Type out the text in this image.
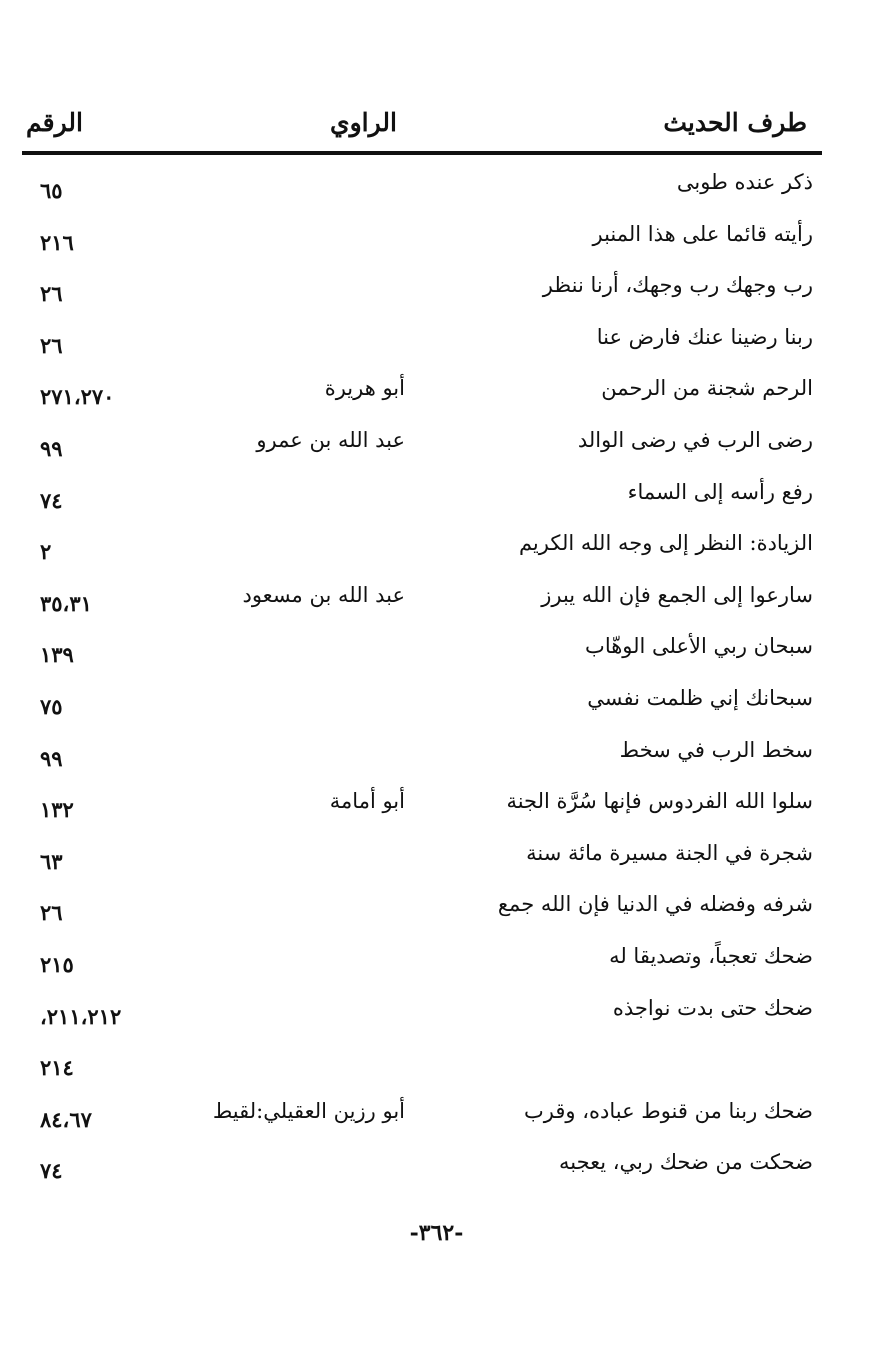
طرف الحديث
الراوي
الرقم
ذكر عنده طوبى
٦٥
رأيته قائما على هذا المنبر
٢١٦
رب وجهك رب وجهك، أرنا ننظر
٢٦
ربنا رضينا عنك فارض عنا
٢٦
الرحم شجنة من الرحمن
أبو هريرة
٢٧١،٢٧٠
رضى الرب في رضى الوالد
عبد الله بن عمرو
٩٩
رفع رأسه إلى السماء
٧٤
الزيادة: النظر إلى وجه الله الكريم
٢
سارعوا إلى الجمع فإن الله يبرز
عبد الله بن مسعود
٣٥،٣١
سبحان ربي الأعلى الوهّاب
١٣٩
سبحانك إني ظلمت نفسي
٧٥
سخط الرب في سخط
٩٩
سلوا الله الفردوس فإنها سُرَّة الجنة
أبو أمامة
١٣٢
شجرة في الجنة مسيرة مائة سنة
٦٣
شرفه وفضله في الدنيا فإن الله جمع
٢٦
ضحك تعجباً، وتصديقا له
٢١٥
ضحك حتى بدت نواجذه
٢١١،٢١٢،
٢١٤
ضحك ربنا من قنوط عباده، وقرب
أبو رزين العقيلي:لقيط
٨٤،٦٧
ضحكت من ضحك ربي، يعجبه
٧٤
-٣٦٢-
